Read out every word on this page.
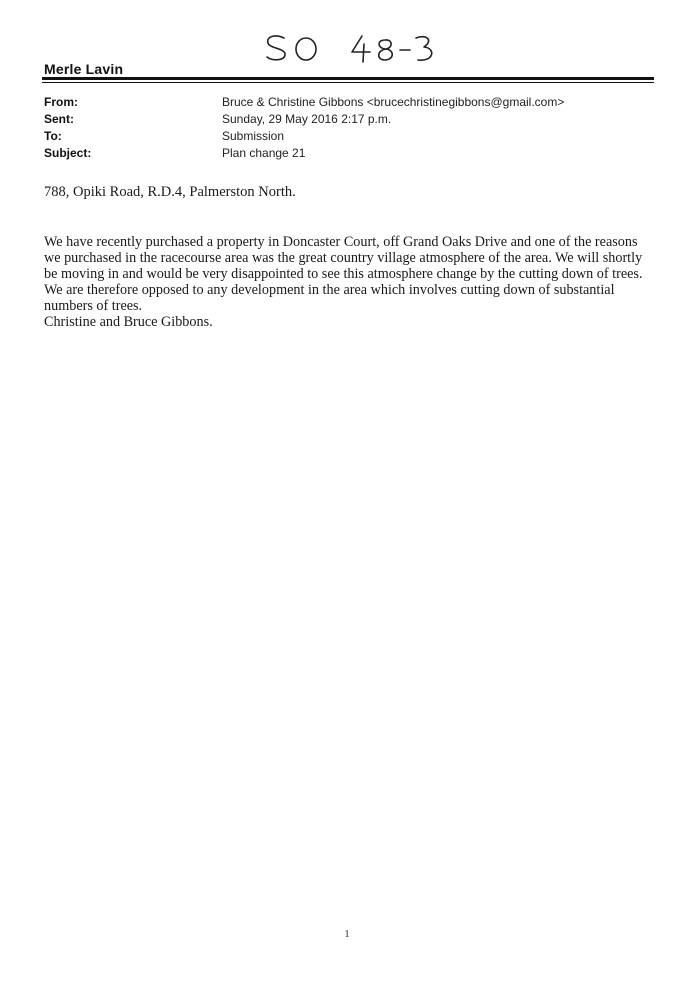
Merle Lavin
From:	Bruce & Christine Gibbons <brucechristinegibbons@gmail.com>
Sent:	Sunday, 29 May 2016 2:17 p.m.
To:	Submission
Subject:	Plan change 21
788, Opiki Road, R.D.4, Palmerston North.

We have recently purchased a property in Doncaster Court, off Grand Oaks Drive and one of the reasons
we purchased in the racecourse area was the great country village atmosphere of the area. We will shortly
be moving in and would be very disappointed to see this atmosphere change by the cutting down of trees.
We are therefore opposed to any development in the area which involves cutting down of substantial
numbers of trees.

Christine and Bruce Gibbons.
1
